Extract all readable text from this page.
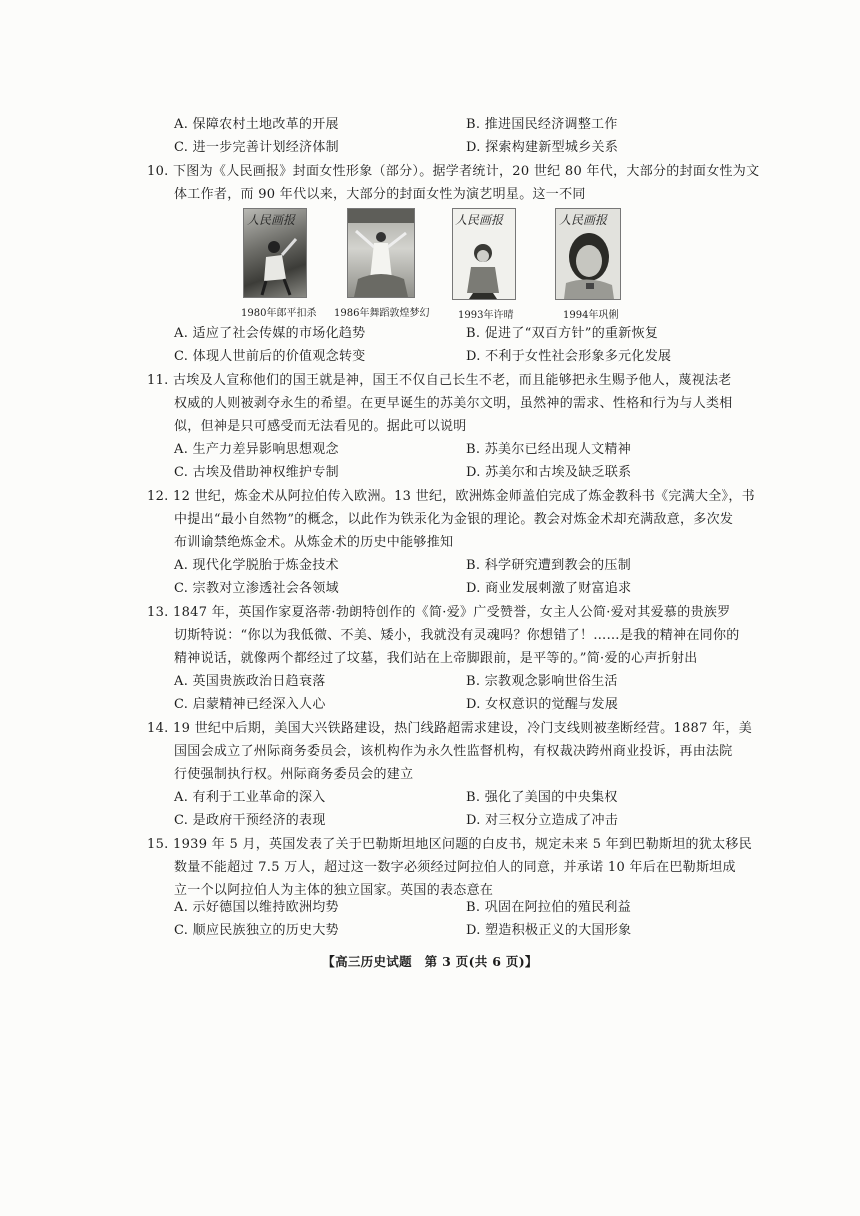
A. 保障农村土地改革的开展	B. 推进国民经济调整工作
C. 进一步完善计划经济体制	D. 探索构建新型城乡关系
10. 下图为《人民画报》封面女性形象（部分）。据学者统计，20 世纪 80 年代，大部分的封面女性为文
体工作者，而 90 年代以来，大部分的封面女性为演艺明星。这一不同
人民画报
1980年郎平扣杀 1986年舞蹈敦煌梦幻
人民画报
1993年许晴
人民画报
1994年巩俐
A. 适应了社会传媒的市场化趋势	B. 促进了“双百方针”的重新恢复
C. 体现人世前后的价值观念转变	D. 不利于女性社会形象多元化发展
11. 古埃及人宣称他们的国王就是神，国王不仅自己长生不老，而且能够把永生赐予他人，蔑视法老
权威的人则被剥夺永生的希望。在更早诞生的苏美尔文明，虽然神的需求、性格和行为与人类相
似，但神是只可感受而无法看见的。据此可以说明
A. 生产力差异影响思想观念	B. 苏美尔已经出现人文精神
C. 古埃及借助神权维护专制	D. 苏美尔和古埃及缺乏联系
12. 12 世纪，炼金术从阿拉伯传入欧洲。13 世纪，欧洲炼金师盖伯完成了炼金教科书《完满大全》，书
中提出“最小自然物”的概念，以此作为铁汞化为金银的理论。教会对炼金术却充满敌意，多次发
布训谕禁绝炼金术。从炼金术的历史中能够推知
A. 现代化学脱胎于炼金技术	B. 科学研究遭到教会的压制
C. 宗教对立渗透社会各领域	D. 商业发展刺激了财富追求
13. 1847 年，英国作家夏洛蒂·勃朗特创作的《简·爱》广受赞誉，女主人公简·爱对其爱慕的贵族罗
切斯特说：“你以为我低微、不美、矮小，我就没有灵魂吗？你想错了！……是我的精神在同你的
精神说话，就像两个都经过了坟墓，我们站在上帝脚跟前，是平等的。”简·爱的心声折射出
A. 英国贵族政治日趋衰落	B. 宗教观念影响世俗生活
C. 启蒙精神已经深入人心	D. 女权意识的觉醒与发展
14. 19 世纪中后期，美国大兴铁路建设，热门线路超需求建设，冷门支线则被垄断经营。1887 年，美
国国会成立了州际商务委员会，该机构作为永久性监督机构，有权裁决跨州商业投诉，再由法院
行使强制执行权。州际商务委员会的建立
A. 有利于工业革命的深入	B. 强化了美国的中央集权
C. 是政府干预经济的表现	D. 对三权分立造成了冲击
15. 1939 年 5 月，英国发表了关于巴勒斯坦地区问题的白皮书，规定未来 5 年到巴勒斯坦的犹太移民
数量不能超过 7.5 万人，超过这一数字必须经过阿拉伯人的同意，并承诺 10 年后在巴勒斯坦成
立一个以阿拉伯人为主体的独立国家。英国的表态意在
A. 示好德国以维持欧洲均势	B. 巩固在阿拉伯的殖民利益
C. 顺应民族独立的历史大势	D. 塑造积极正义的大国形象
【高三历史试题　第 3 页(共 6 页)】
